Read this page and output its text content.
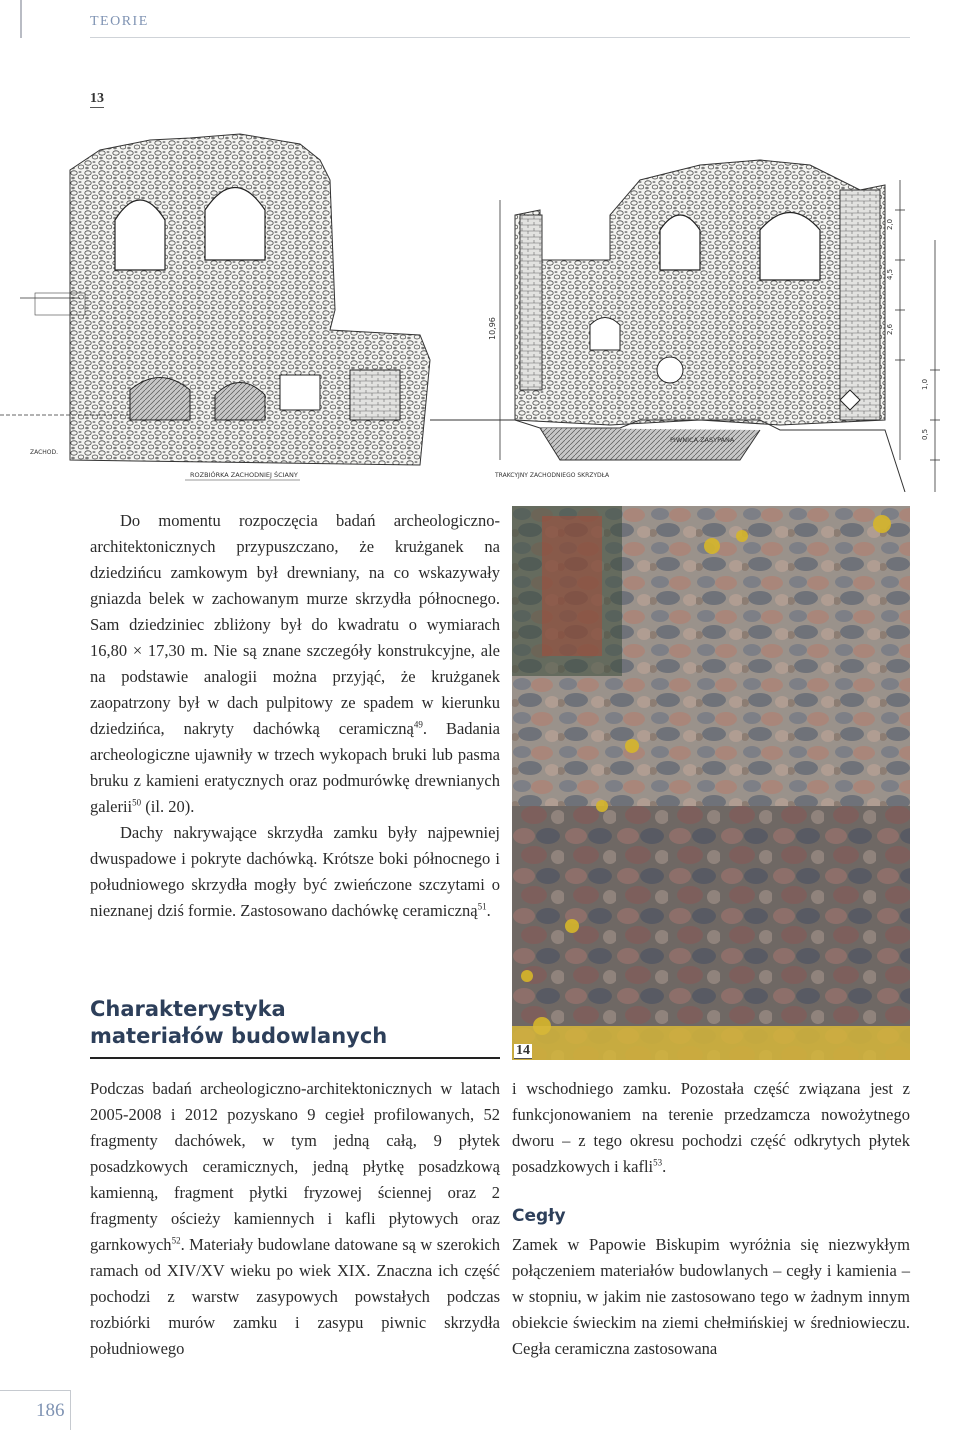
TEORIE
13
ZACHOD.
ROZBIÓRKA ZACHODNIEJ ŚCIANY
PIWNICA ZASYPANA
TRAKCYJNY ZACHODNIEGO SKRZYDŁA
10,96
2,0
4,5
2,6
1,0
0,5

Do momentu rozpoczęcia badań archeologiczno-architektonicznych przypuszczano, że krużganek na dziedzińcu zamkowym był drewniany, na co wskazywały gniazda belek w zachowanym murze skrzydła północnego. Sam dziedziniec zbliżony był do kwadratu o wymiarach 16,80 × 17,30 m. Nie są znane szczegóły konstrukcyjne, ale na podstawie analogii można przyjąć, że krużganek zaopatrzony był w dach pulpitowy ze spadem w kierunku dziedzińca, nakryty dachówką ceramiczną$^{49}$. Badania archeologiczne ujawniły w trzech wykopach bruki lub pasma bruku z kamieni eratycznych oraz podmurówkę drewnianych galerii$^{50}$ (il. 20).

Dachy nakrywające skrzydła zamku były najpewniej dwuspadowe i pokryte dachówką. Krótsze boki północnego i południowego skrzydła mogły być zwieńczone szczytami o nieznanej dziś formie. Zastosowano dachówkę ceramiczną$^{51}$.

14
Charakterystyka
materiałów budowlanych

Podczas badań archeologiczno-architektonicznych w latach 2005-2008 i 2012 pozyskano 9 cegieł profilowanych, 52 fragmenty dachówek, w tym jedną całą, 9 płytek posadzkowych ceramicznych, jedną płytkę posadzkową kamienną, fragment płytki fryzowej ściennej oraz 2 fragmenty ościeży kamiennych i kafli płytowych oraz garnkowych$^{52}$. Materiały budowlane datowane są w szerokich ramach od XIV/XV wieku po wiek XIX. Znaczna ich część pochodzi z warstw zasypowych powstałych podczas rozbiórki murów zamku i zasypu piwnic skrzydła południowego

i wschodniego zamku. Pozostała część związana jest z funkcjonowaniem na terenie przedzamcza nowożytnego dworu – z tego okresu pochodzi część odkrytych płytek posadzkowych i kafli$^{53}$.

Cegły

Zamek w Papowie Biskupim wyróżnia się niezwykłym połączeniem materiałów budowlanych – cegły i kamienia – w stopniu, w jakim nie zastosowano tego w żadnym innym obiekcie świeckim na ziemi chełmińskiej w średniowieczu. Cegła ceramiczna zastosowana

186
